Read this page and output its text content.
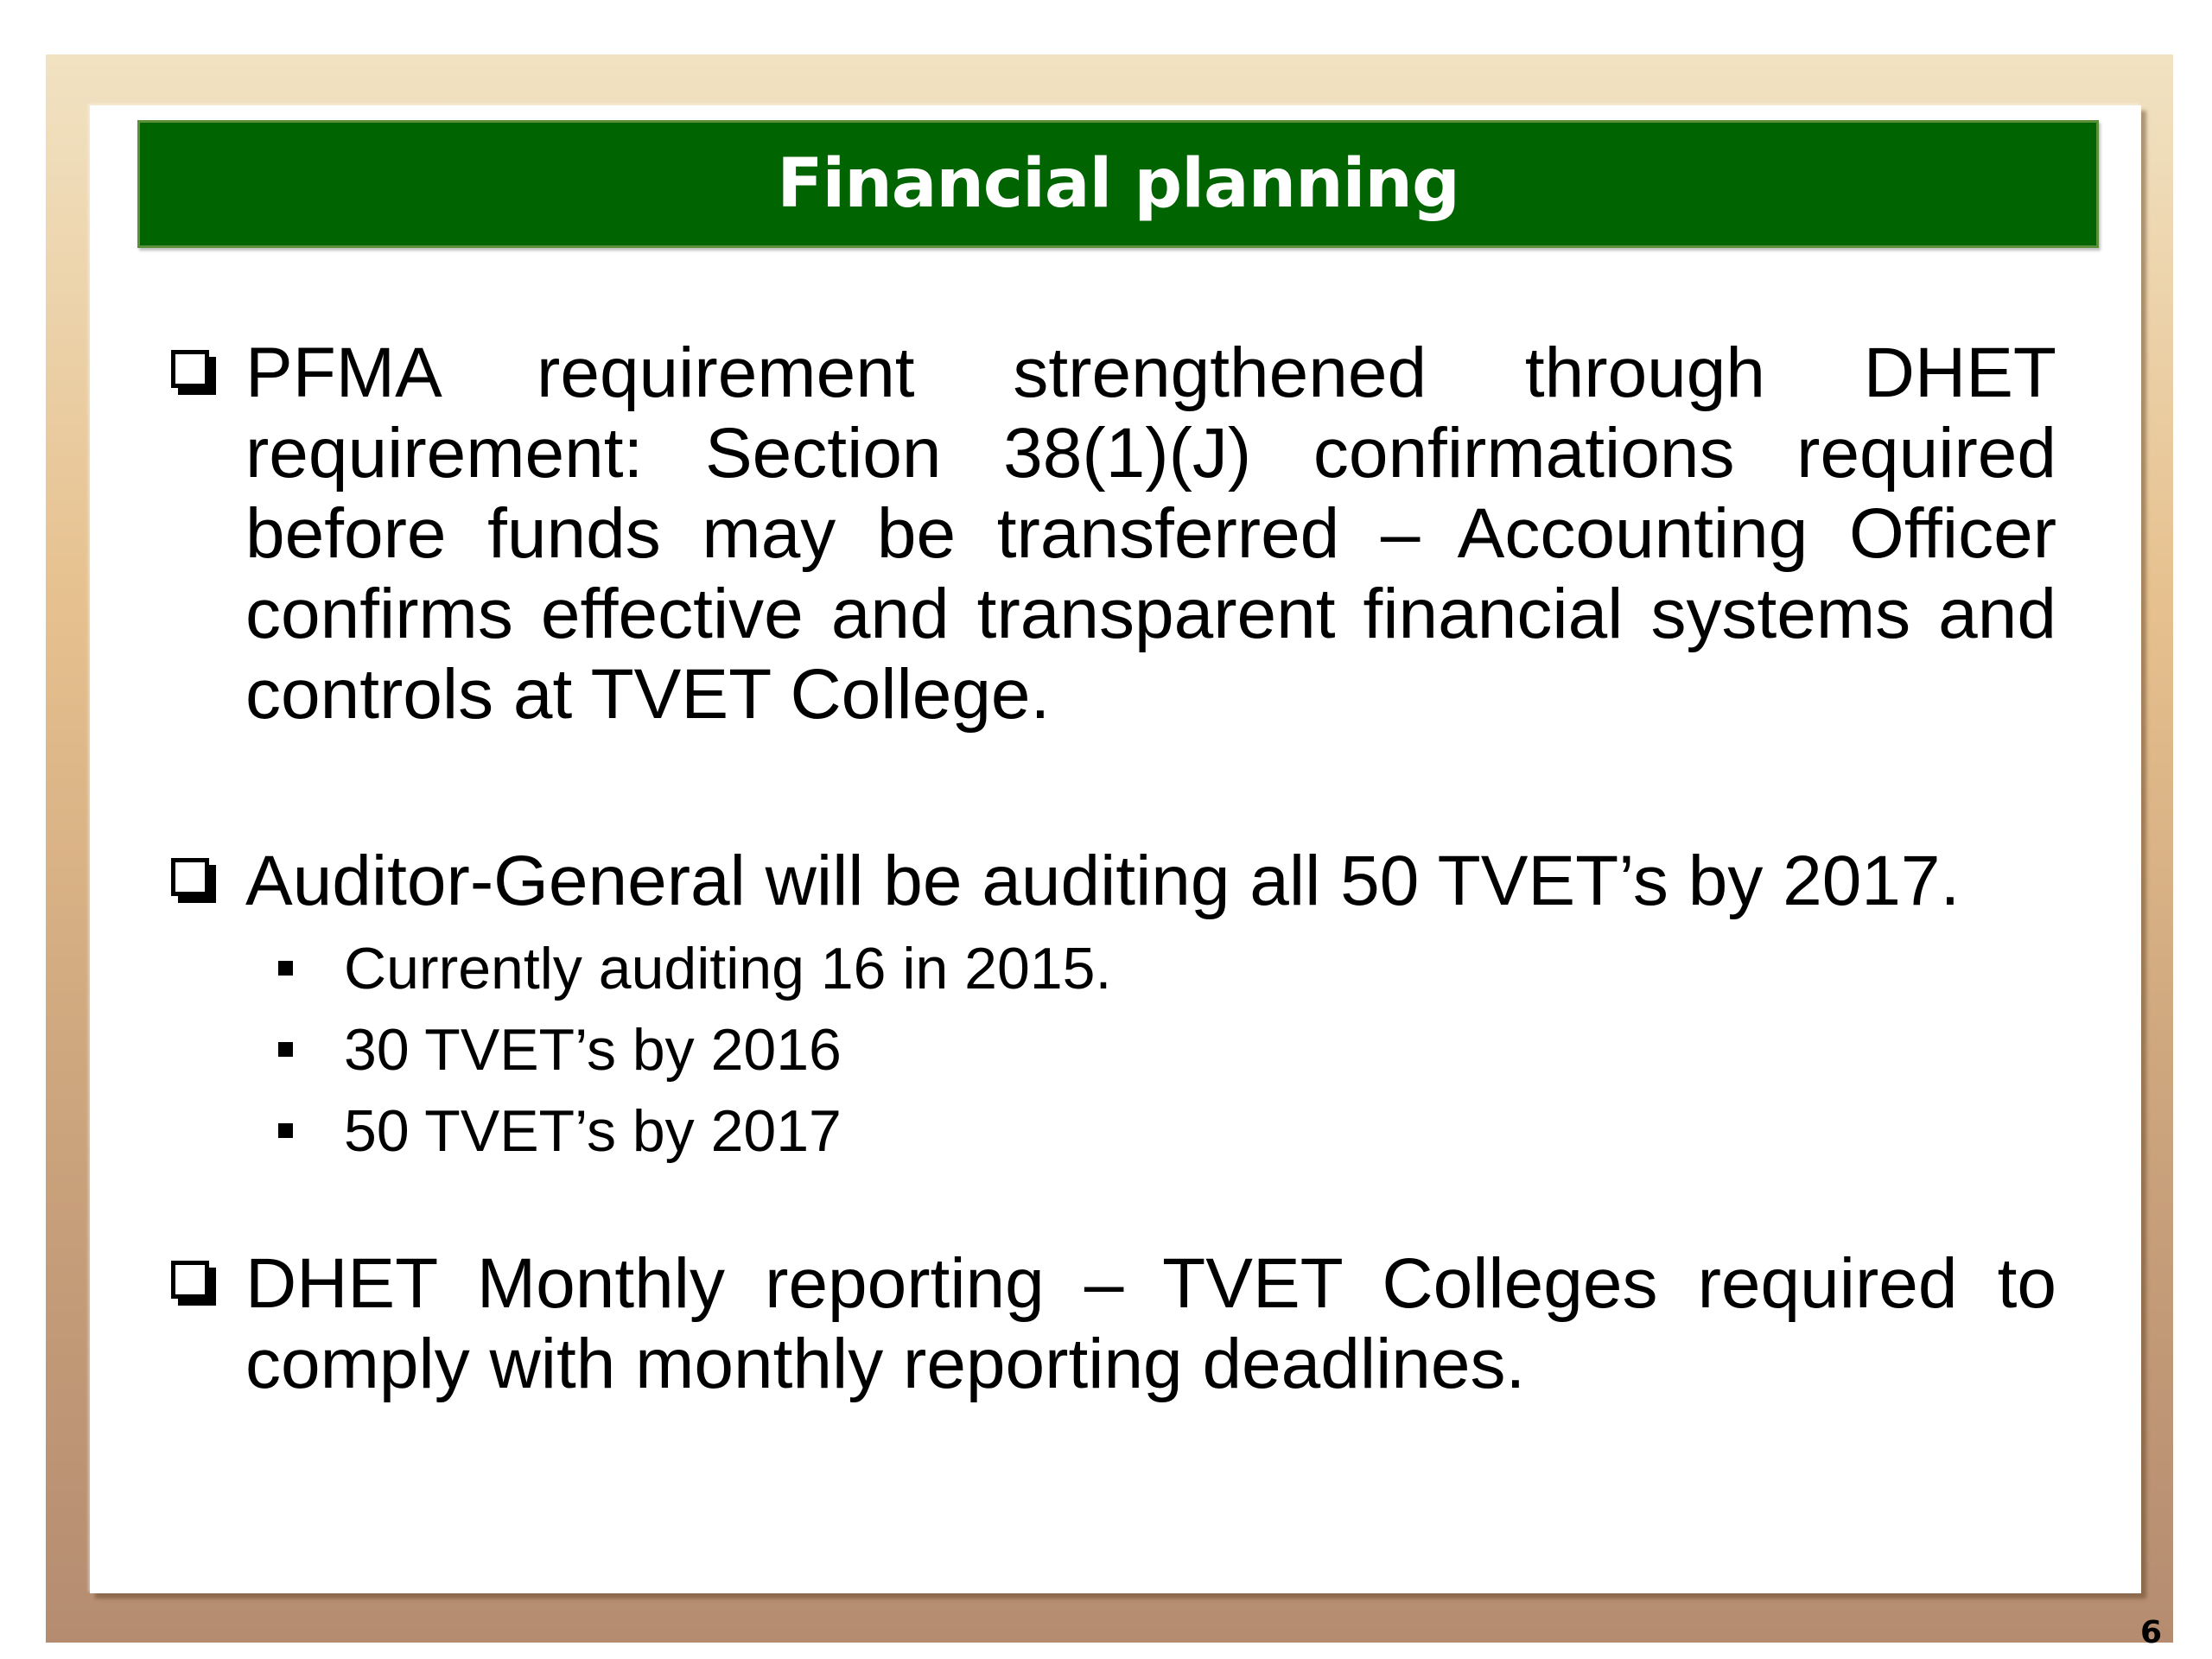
Financial planning
PFMA requirement strengthened through DHET requirement: Section 38(1)(J) confirmations required before funds may be transferred – Accounting Officer confirms effective and transparent financial systems and controls at TVET College.
Auditor-General will be auditing all 50 TVET’s by 2017.
Currently auditing 16 in 2015.
30 TVET’s by 2016
50 TVET’s by 2017
DHET Monthly reporting – TVET Colleges required to comply with monthly reporting deadlines.
6
